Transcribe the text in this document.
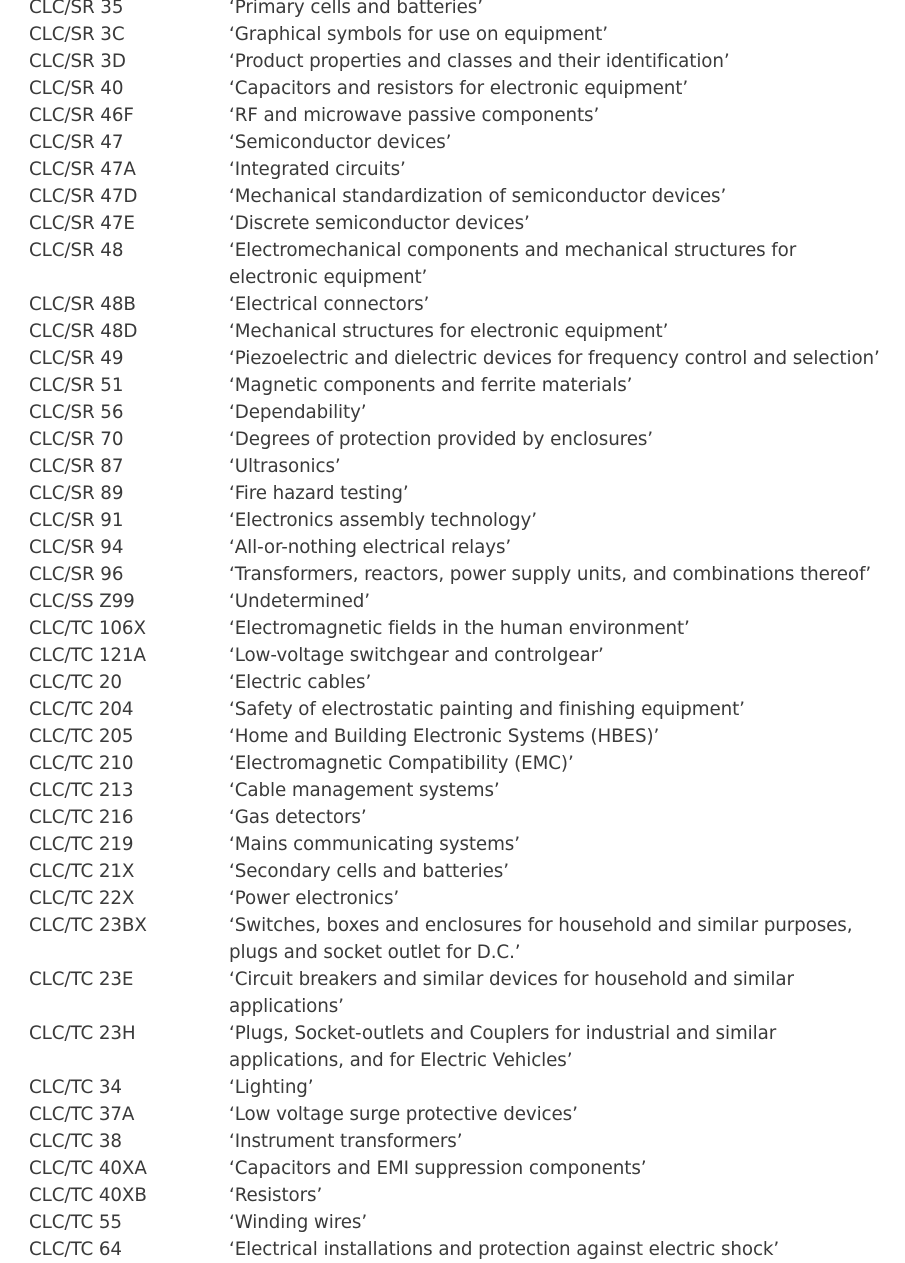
CLC/SR 35	‘Primary cells and batteries’
CLC/SR 3C	‘Graphical symbols for use on equipment’
CLC/SR 3D	‘Product properties and classes and their identification’
CLC/SR 40	‘Capacitors and resistors for electronic equipment’
CLC/SR 46F	‘RF and microwave passive components’
CLC/SR 47	‘Semiconductor devices’
CLC/SR 47A	‘Integrated circuits’
CLC/SR 47D	‘Mechanical standardization of semiconductor devices’
CLC/SR 47E	‘Discrete semiconductor devices’
CLC/SR 48	‘Electromechanical components and mechanical structures for
electronic equipment’
CLC/SR 48B	‘Electrical connectors’
CLC/SR 48D	‘Mechanical structures for electronic equipment’
CLC/SR 49	‘Piezoelectric and dielectric devices for frequency control and selection’
CLC/SR 51	‘Magnetic components and ferrite materials’
CLC/SR 56	‘Dependability’
CLC/SR 70	‘Degrees of protection provided by enclosures’
CLC/SR 87	‘Ultrasonics’
CLC/SR 89	‘Fire hazard testing’
CLC/SR 91	‘Electronics assembly technology’
CLC/SR 94	‘All-or-nothing electrical relays’
CLC/SR 96	‘Transformers, reactors, power supply units, and combinations thereof’
CLC/SS Z99	‘Undetermined’
CLC/TC 106X	‘Electromagnetic fields in the human environment’
CLC/TC 121A	‘Low-voltage switchgear and controlgear’
CLC/TC 20	‘Electric cables’
CLC/TC 204	‘Safety of electrostatic painting and finishing equipment’
CLC/TC 205	‘Home and Building Electronic Systems (HBES)’
CLC/TC 210	‘Electromagnetic Compatibility (EMC)’
CLC/TC 213	‘Cable management systems’
CLC/TC 216	‘Gas detectors’
CLC/TC 219	‘Mains communicating systems’
CLC/TC 21X	‘Secondary cells and batteries’
CLC/TC 22X	‘Power electronics’
CLC/TC 23BX	‘Switches, boxes and enclosures for household and similar purposes,
plugs and socket outlet for D.C.’
CLC/TC 23E	‘Circuit breakers and similar devices for household and similar
applications’
CLC/TC 23H	‘Plugs, Socket-outlets and Couplers for industrial and similar
applications, and for Electric Vehicles’
CLC/TC 34	‘Lighting’
CLC/TC 37A	‘Low voltage surge protective devices’
CLC/TC 38	‘Instrument transformers’
CLC/TC 40XA	‘Capacitors and EMI suppression components’
CLC/TC 40XB	‘Resistors’
CLC/TC 55	‘Winding wires’
CLC/TC 64	‘Electrical installations and protection against electric shock’
